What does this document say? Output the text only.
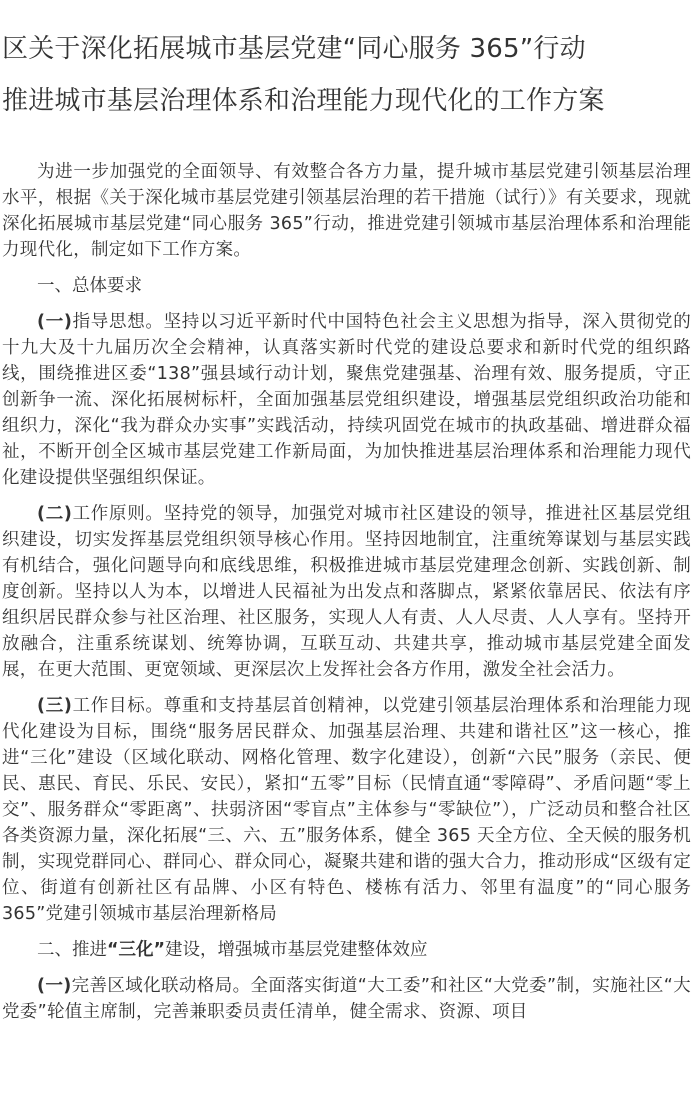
区关于深化拓展城市基层党建“同心服务 365”行动
推进城市基层治理体系和治理能力现代化的工作方案

为进一步加强党的全面领导、有效整合各方力量，提升城市基层党建引领基层治理水平，根据《关于深化城市基层党建引领基层治理的若干措施（试行）》有关要求，现就深化拓展城市基层党建“同心服务 365”行动，推进党建引领城市基层治理体系和治理能力现代化，制定如下工作方案。

一、总体要求

(一)指导思想。坚持以习近平新时代中国特色社会主义思想为指导，深入贯彻党的十九大及十九届历次全会精神，认真落实新时代党的建设总要求和新时代党的组织路线，围绕推进区委“138”强县域行动计划，聚焦党建强基、治理有效、服务提质，守正创新争一流、深化拓展树标杆，全面加强基层党组织建设，增强基层党组织政治功能和组织力，深化“我为群众办实事”实践活动，持续巩固党在城市的执政基础、增进群众福祉，不断开创全区城市基层党建工作新局面，为加快推进基层治理体系和治理能力现代化建设提供坚强组织保证。

(二)工作原则。坚持党的领导，加强党对城市社区建设的领导，推进社区基层党组织建设，切实发挥基层党组织领导核心作用。坚持因地制宜，注重统筹谋划与基层实践有机结合，强化问题导向和底线思维，积极推进城市基层党建理念创新、实践创新、制度创新。坚持以人为本，以增进人民福祉为出发点和落脚点，紧紧依靠居民、依法有序组织居民群众参与社区治理、社区服务，实现人人有责、人人尽责、人人享有。坚持开放融合，注重系统谋划、统筹协调，互联互动、共建共享，推动城市基层党建全面发展，在更大范围、更宽领域、更深层次上发挥社会各方作用，激发全社会活力。

(三)工作目标。尊重和支持基层首创精神，以党建引领基层治理体系和治理能力现代化建设为目标，围绕“服务居民群众、加强基层治理、共建和谐社区”这一核心，推进“三化”建设（区域化联动、网格化管理、数字化建设），创新“六民”服务（亲民、便民、惠民、育民、乐民、安民），紧扣“五零”目标（民情直通“零障碍”、矛盾问题“零上交”、服务群众“零距离”、扶弱济困“零盲点”主体参与“零缺位”），广泛动员和整合社区各类资源力量，深化拓展“三、六、五”服务体系，健全 365 天全方位、全天候的服务机制，实现党群同心、群同心、群众同心，凝聚共建和谐的强大合力，推动形成“区级有定位、街道有创新社区有品牌、小区有特色、楼栋有活力、邻里有温度”的“同心服务 365”党建引领城市基层治理新格局

二、推进“三化”建设，增强城市基层党建整体效应

(一)完善区域化联动格局。全面落实街道“大工委”和社区“大党委”制，实施社区“大党委”轮值主席制，完善兼职委员责任清单，健全需求、资源、项目
